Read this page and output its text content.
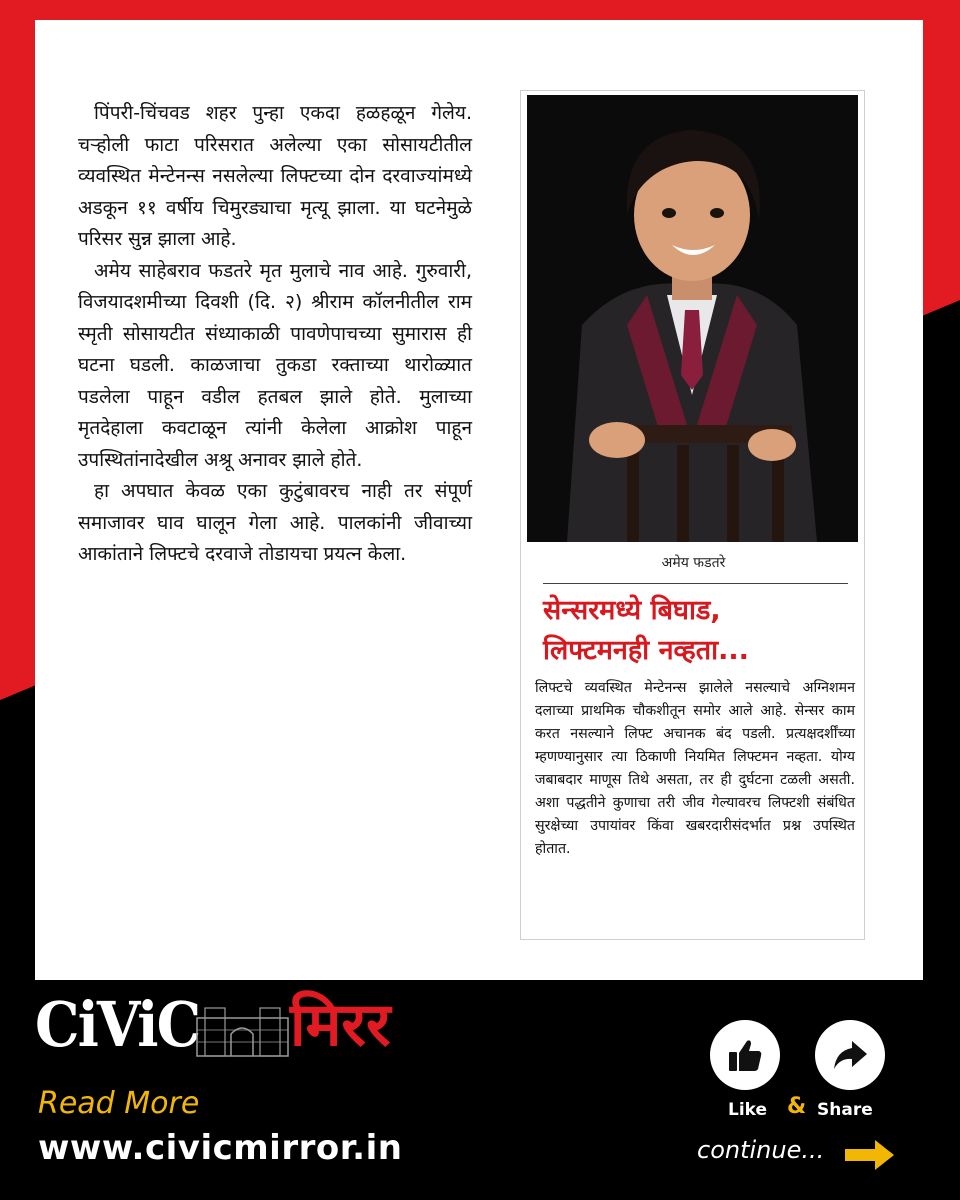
पिंपरी-चिंचवड शहर पुन्हा एकदा हळहळून गेलेय. चऱ्होली फाटा परिसरात अलेल्या एका सोसायटीतील व्यवस्थित मेन्टेनन्स नसलेल्या लिफ्टच्या दोन दरवाज्यांमध्ये अडकून ११ वर्षीय चिमुरड्याचा मृत्यू झाला. या घटनेमुळे परिसर सुन्न झाला आहे.

अमेय साहेबराव फडतरे मृत मुलाचे नाव आहे. गुरुवारी, विजयादशमीच्या दिवशी (दि. २) श्रीराम कॉलनीतील राम स्मृती सोसायटीत संध्याकाळी पावणेपाचच्या सुमारास ही घटना घडली. काळजाचा तुकडा रक्ताच्या थारोळ्यात पडलेला पाहून वडील हतबल झाले होते. मुलाच्या मृतदेहाला कवटाळून त्यांनी केलेला आक्रोश पाहून उपस्थितांनादेखील अश्रू अनावर झाले होते.

हा अपघात केवळ एका कुटुंबावरच नाही तर संपूर्ण समाजावर घाव घालून गेला आहे. पालकांनी जीवाच्या आकांताने लिफ्टचे दरवाजे तोडायचा प्रयत्न केला.	अमेय फडतरे
सेन्सरमध्ये बिघाड,
लिफ्टमनही नव्हता...
लिफ्टचे व्यवस्थित मेन्टेनन्स झालेले नसल्याचे अग्निशमन दलाच्या प्राथमिक चौकशीतून समोर आले आहे. सेन्सर काम करत नसल्याने लिफ्ट अचानक बंद पडली. प्रत्यक्षदर्शींच्या म्हणण्यानुसार त्या ठिकाणी नियमित लिफ्टमन नव्हता. योग्य जबाबदार माणूस तिथे असता, तर ही दुर्घटना टळली असती. अशा पद्धतीने कुणाचा तरी जीव गेल्यावरच लिफ्टशी संबंधित सुरक्षेच्या उपायांवर किंवा खबरदारीसंदर्भात प्रश्न उपस्थित होतात.
CiViC मिरर
Read More
www.civicmirror.in
Like & Share
continue...
